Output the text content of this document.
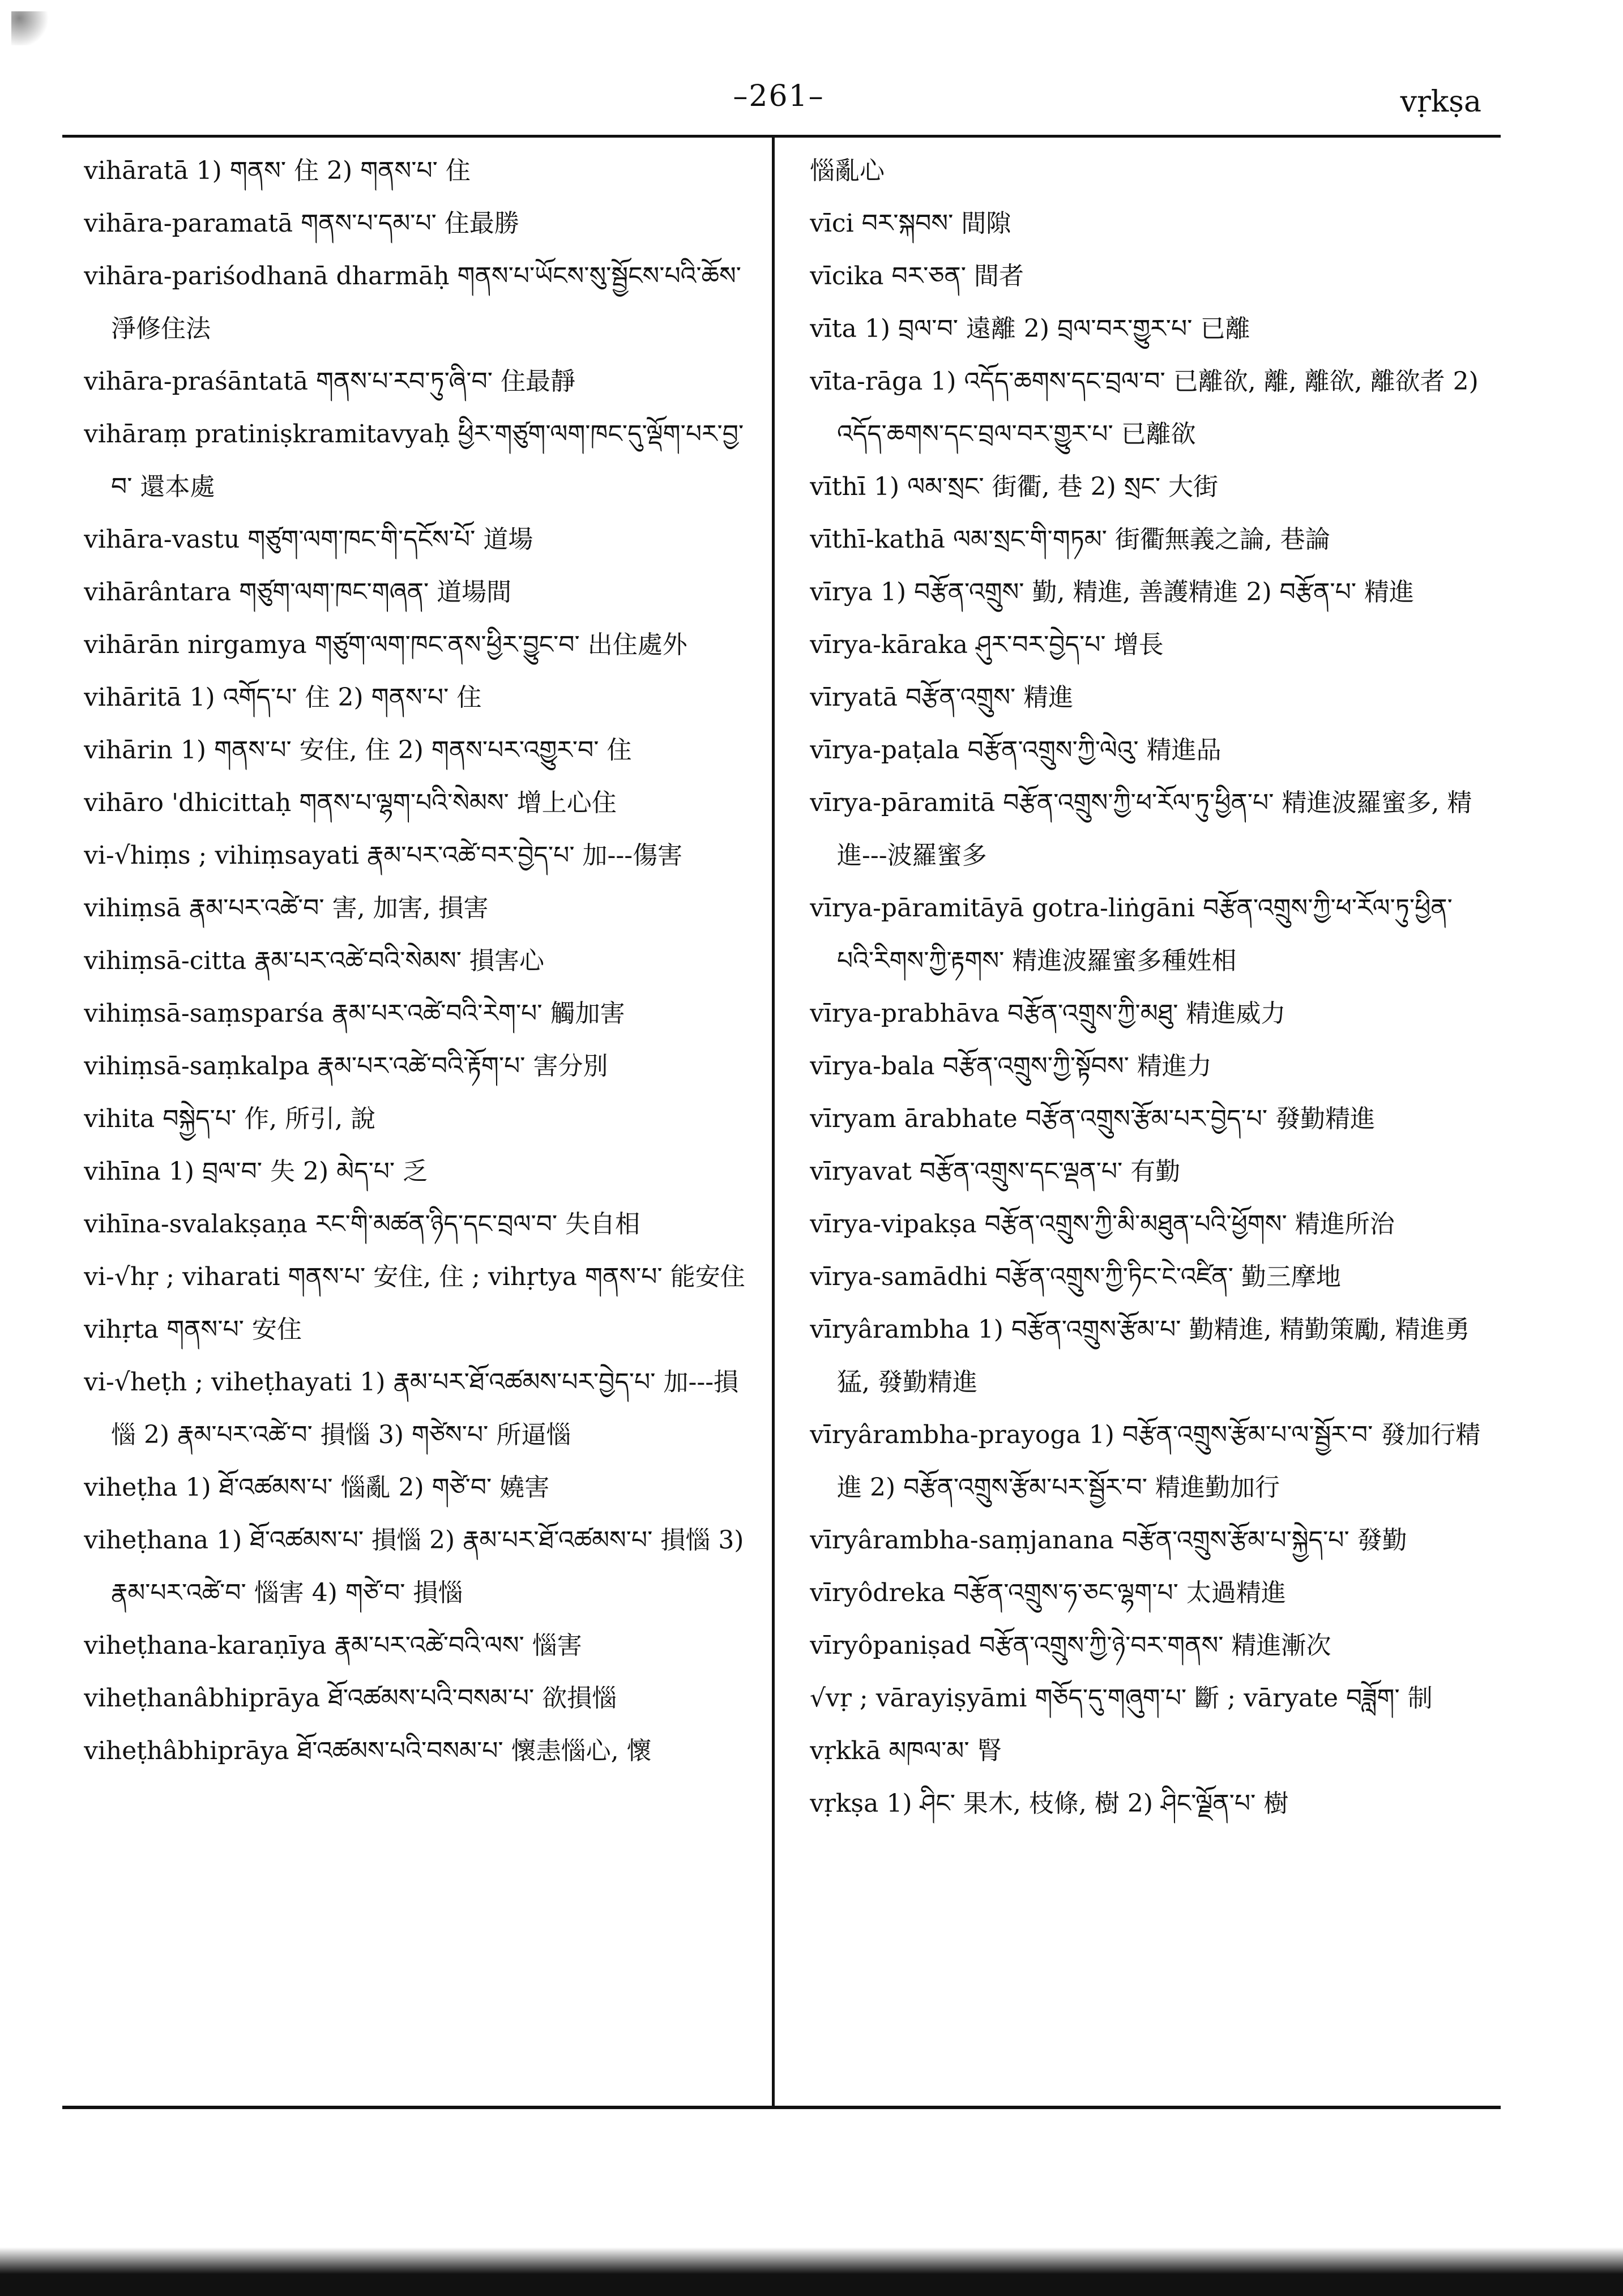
–261–	vṛkṣa

vihāratā 1) གནས་ 住 2) གནས་པ་ 住

vihāra-paramatā གནས་པ་དམ་པ་ 住最勝

vihāra-pariśodhanā dharmāḥ གནས་པ་ཡོངས་སུ་སྦྱོངས་པའི་ཆོས་ 淨修住法

vihāra-praśāntatā གནས་པ་རབ་ཏུ་ཞི་བ་ 住最靜

vihāraṃ pratiniṣkramitavyaḥ ཕྱིར་གཙུག་ལག་ཁང་དུ་ལྡོག་པར་བྱ་བ་ 還本處

vihāra-vastu གཙུག་ལག་ཁང་གི་དངོས་པོ་ 道場

vihārântara གཙུག་ལག་ཁང་གཞན་ 道場間

vihārān nirgamya གཙུག་ལག་ཁང་ནས་ཕྱིར་བྱུང་བ་ 出住處外

vihāritā 1) འགོད་པ་ 住 2) གནས་པ་ 住

vihārin 1) གནས་པ་ 安住, 住 2) གནས་པར་འགྱུར་བ་ 住

vihāro 'dhicittaḥ གནས་པ་ལྷག་པའི་སེམས་ 增上心住

vi-√hiṃs ; vihiṃsayati རྣམ་པར་འཚེ་བར་བྱེད་པ་ 加---傷害

vihiṃsā རྣམ་པར་འཚེ་བ་ 害, 加害, 損害

vihiṃsā-citta རྣམ་པར་འཚེ་བའི་སེམས་ 損害心

vihiṃsā-saṃsparśa རྣམ་པར་འཚེ་བའི་རེག་པ་ 觸加害

vihiṃsā-saṃkalpa རྣམ་པར་འཚེ་བའི་རྟོག་པ་ 害分別

vihita བསྐྱེད་པ་ 作, 所引, 說

vihīna 1) བྲལ་བ་ 失 2) མེད་པ་ 乏

vihīna-svalakṣaṇa རང་གི་མཚན་ཉིད་དང་བྲལ་བ་ 失自相

vi-√hṛ ; viharati གནས་པ་ 安住, 住 ; vihṛtya གནས་པ་ 能安住

vihṛta གནས་པ་ 安住

vi-√heṭh ; viheṭhayati 1) རྣམ་པར་ཐོ་འཚམས་པར་བྱེད་པ་ 加---損惱 2) རྣམ་པར་འཚེ་བ་ 損惱 3) གཙེས་པ་ 所逼惱

viheṭha 1) ཐོ་འཚམས་པ་ 惱亂 2) གཙེ་བ་ 嬈害

viheṭhana 1) ཐོ་འཚམས་པ་ 損惱 2) རྣམ་པར་ཐོ་འཚམས་པ་ 損惱 3) རྣམ་པར་འཚེ་བ་ 惱害 4) གཙེ་བ་ 損惱

viheṭhana-karaṇīya རྣམ་པར་འཚེ་བའི་ལས་ 惱害

viheṭhanâbhiprāya ཐོ་འཚམས་པའི་བསམ་པ་ 欲損惱

viheṭhâbhiprāya ཐོ་འཚམས་པའི་བསམ་པ་ 懷恚惱心, 懷

惱亂心

vīci བར་སྐབས་ 間隙

vīcika བར་ཅན་ 間者

vīta 1) བྲལ་བ་ 遠離 2) བྲལ་བར་གྱུར་པ་ 已離

vīta-rāga 1) འདོད་ཆགས་དང་བྲལ་བ་ 已離欲, 離, 離欲, 離欲者 2) འདོད་ཆགས་དང་བྲལ་བར་གྱུར་པ་ 已離欲

vīthī 1) ལམ་སྲང་ 街衢, 巷 2) སྲང་ 大街

vīthī-kathā ལམ་སྲང་གི་གཏམ་ 街衢無義之論, 巷論

vīrya 1) བརྩོན་འགྲུས་ 勤, 精進, 善護精進 2) བརྩོན་པ་ 精進

vīrya-kāraka ཤུར་བར་བྱེད་པ་ 增長

vīryatā བརྩོན་འགྲུས་ 精進

vīrya-paṭala བརྩོན་འགྲུས་ཀྱི་ལེའུ་ 精進品

vīrya-pāramitā བརྩོན་འགྲུས་ཀྱི་ཕ་རོལ་ཏུ་ཕྱིན་པ་ 精進波羅蜜多, 精進---波羅蜜多

vīrya-pāramitāyā gotra-liṅgāni བརྩོན་འགྲུས་ཀྱི་ཕ་རོལ་ཏུ་ཕྱིན་པའི་རིགས་ཀྱི་རྟགས་ 精進波羅蜜多種姓相

vīrya-prabhāva བརྩོན་འགྲུས་ཀྱི་མཐུ་ 精進威力

vīrya-bala བརྩོན་འགྲུས་ཀྱི་སྟོབས་ 精進力

vīryam ārabhate བརྩོན་འགྲུས་རྩོམ་པར་བྱེད་པ་ 發勤精進

vīryavat བརྩོན་འགྲུས་དང་ལྡན་པ་ 有勤

vīrya-vipakṣa བརྩོན་འགྲུས་ཀྱི་མི་མཐུན་པའི་ཕྱོགས་ 精進所治

vīrya-samādhi བརྩོན་འགྲུས་ཀྱི་ཏིང་ངེ་འཛིན་ 勤三摩地

vīryârambha 1) བརྩོན་འགྲུས་རྩོམ་པ་ 勤精進, 精勤策勵, 精進勇猛, 發勤精進

vīryârambha-prayoga 1) བརྩོན་འགྲུས་རྩོམ་པ་ལ་སྦྱོར་བ་ 發加行精進 2) བརྩོན་འགྲུས་རྩོམ་པར་སྦྱོར་བ་ 精進勤加行

vīryârambha-saṃjanana བརྩོན་འགྲུས་རྩོམ་པ་སྐྱེད་པ་ 發勤

vīryôdreka བརྩོན་འགྲུས་ཧ་ཅང་ལྷག་པ་ 太過精進

vīryôpaniṣad བརྩོན་འགྲུས་ཀྱི་ཉེ་བར་གནས་ 精進漸次

√vṛ ; vārayiṣyāmi གཅོད་དུ་གཞུག་པ་ 斷 ; vāryate བཟློག་ 制

vṛkkā མཁལ་མ་ 腎

vṛkṣa 1) ཤིང་ 果木, 枝條, 樹 2) ཤིང་ལྗོན་པ་ 樹
